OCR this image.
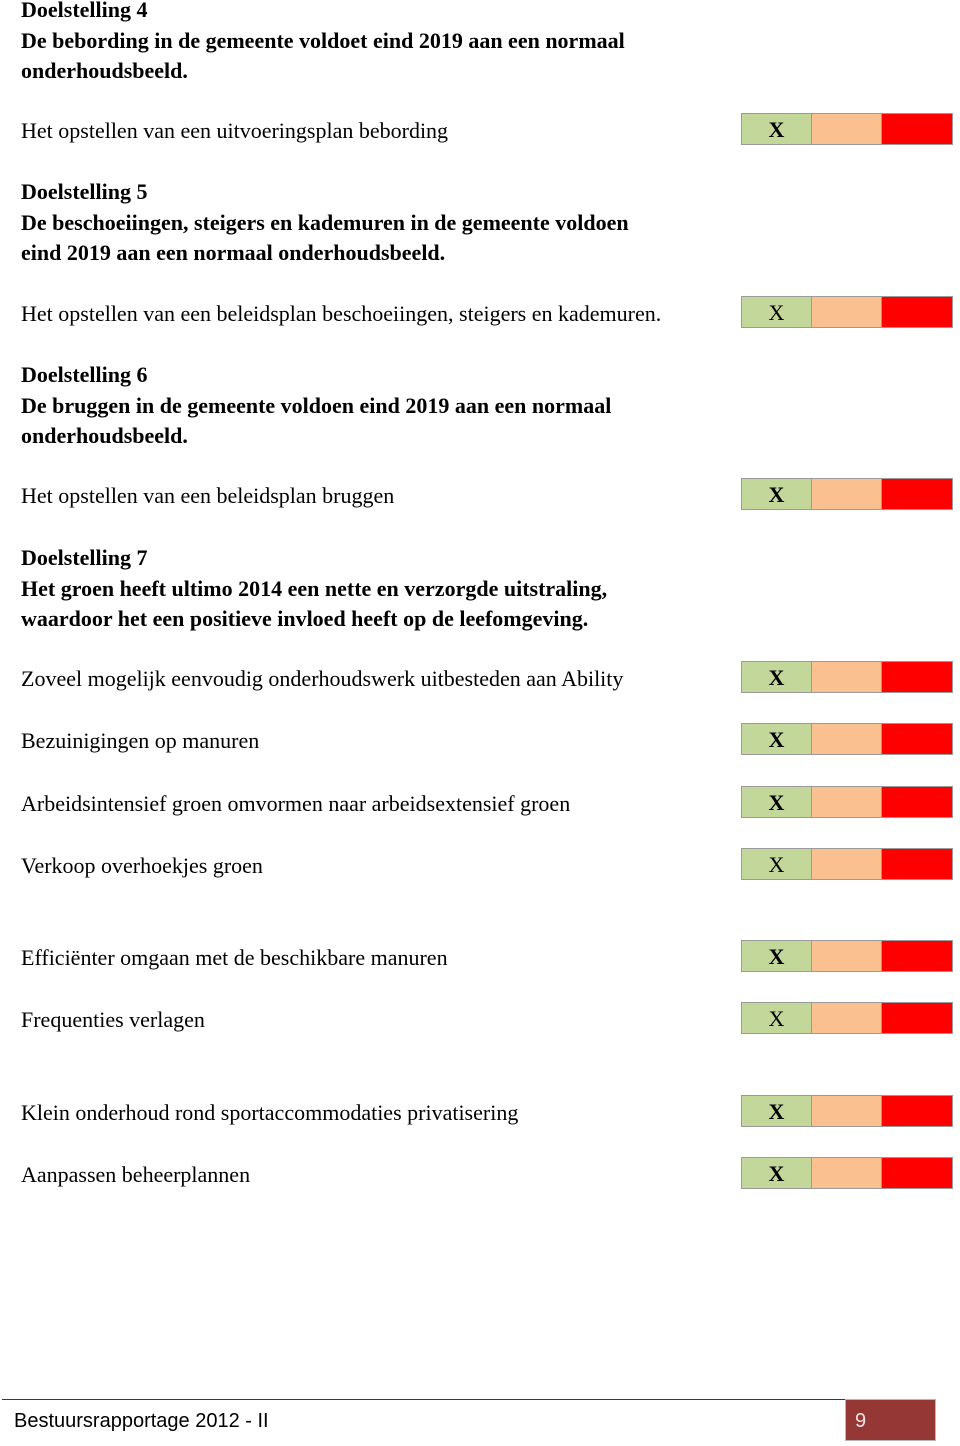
Doelstelling 4

De bebording in de gemeente voldoet eind 2019 aan een normaal onderhoudsbeeld.

Het opstellen van een uitvoeringsplan bebording	X

Doelstelling 5

De beschoeiingen, steigers en kademuren in de gemeente voldoen eind 2019 aan een normaal onderhoudsbeeld.

Het opstellen van een beleidsplan beschoeiingen, steigers en kademuren.	X

Doelstelling 6

De bruggen in de gemeente voldoen eind 2019 aan een normaal onderhoudsbeeld.

Het opstellen van een beleidsplan bruggen	X

Doelstelling 7

Het groen heeft ultimo 2014 een nette en verzorgde uitstraling, waardoor het een positieve invloed heeft op de leefomgeving.

Zoveel mogelijk eenvoudig onderhoudswerk uitbesteden aan Ability	X
Bezuinigingen op manuren	X
Arbeidsintensief groen omvormen naar arbeidsextensief groen	X
Verkoop overhoekjes groen	X
Efficiënter omgaan met de beschikbare manuren	X
Frequenties verlagen	X
Klein onderhoud rond sportaccommodaties privatisering	X
Aanpassen beheerplannen	X
Bestuursrapportage 2012 - II	9
